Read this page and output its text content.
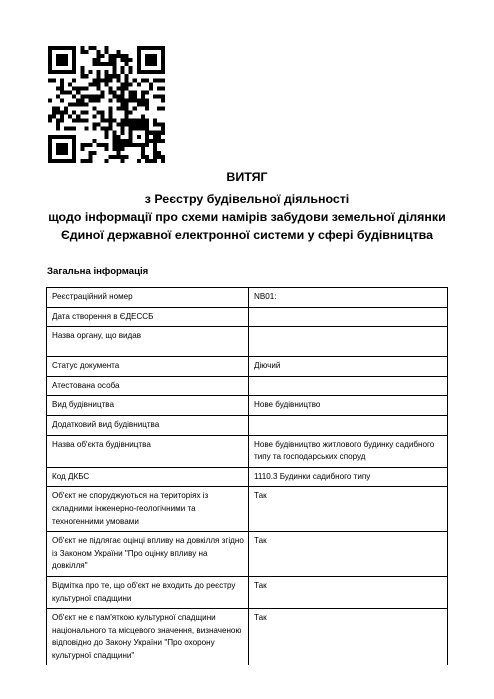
ВИТЯГ
з Реєстру будівельної діяльності
щодо інформації про схеми намірів забудови земельної ділянки
Єдиної державної електронної системи у сфері будівництва
Загальна інформація
Реєстраційний номер	NB01:
Дата створення в ЄДЕССБ	
Назва органу, що видав	
Статус документа	Діючий
Атестована особа	
Вид будівництва	Нове будівництво
Додатковий вид будівництва	
Назва об'єкта будівництва	Нове будівництво житлового будинку садибного типу та господарських споруд
Код ДКБС	1110.3 Будинки садибного типу
Об'єкт не споруджуються на територіях із складними інженерно-геологічними та техногенними умовами	Так
Об'єкт не підлягає оцінці впливу на довкілля згідно із Законом України "Про оцінку впливу на довкілля"	Так
Відмітка про те, що об'єкт не входить до реєстру культурної спадщини	Так
Об'єкт не є пам'яткою культурної спадщини національного та місцевого значення, визначеною відповідно до Закону України "Про охорону культурної спадщини"	Так
